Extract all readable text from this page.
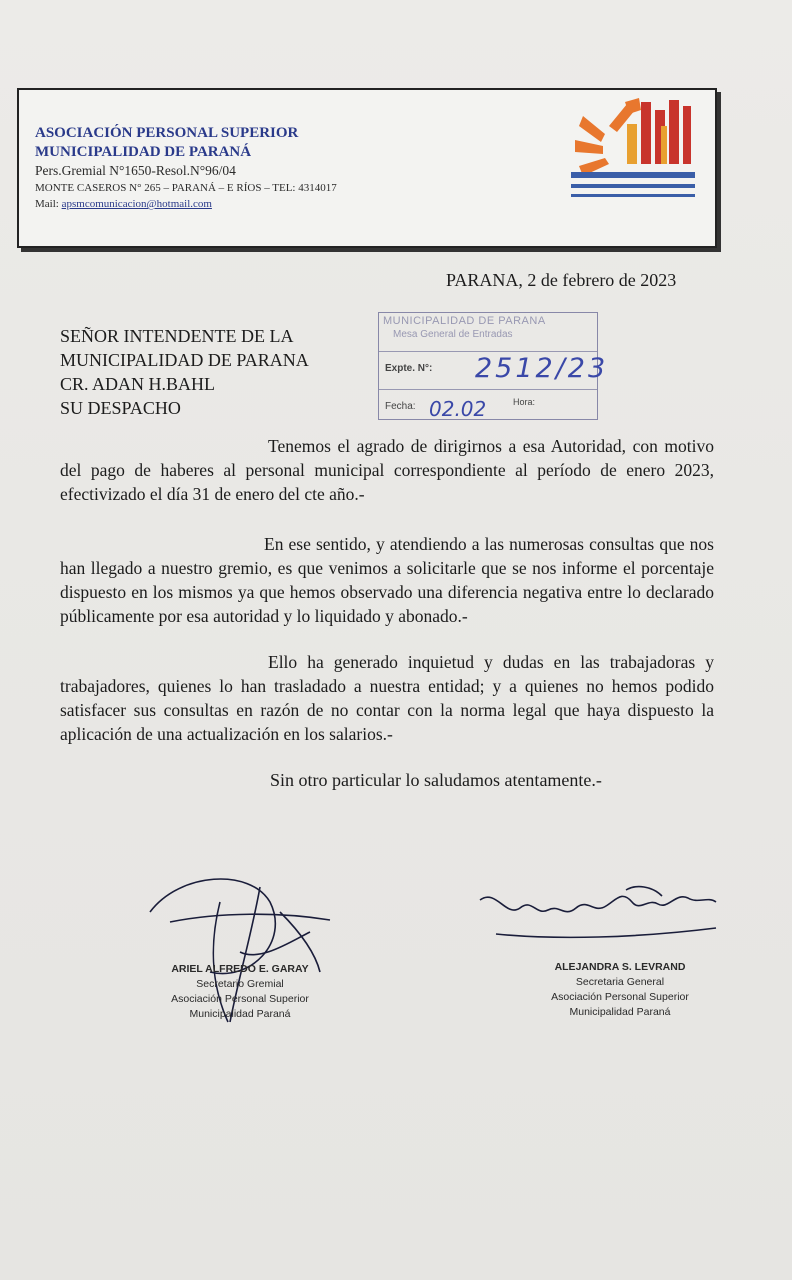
ASOCIACIÓN PERSONAL SUPERIOR

MUNICIPALIDAD DE PARANÁ

Pers.Gremial N°1650-Resol.N°96/04

MONTE CASEROS N° 265 – PARANÁ – E RÍOS – TEL: 4314017

Mail: apsmcomunicacion@hotmail.com

PARANA, 2 de febrero de 2023
SEÑOR INTENDENTE DE LA
MUNICIPALIDAD DE PARANA
CR. ADAN H.BAHL
SU DESPACHO
MUNICIPALIDAD DE PARANA
Mesa General de Entradas
Expte. N°: 2512/23
Fecha: 02.02	Hora:
Tenemos el agrado de dirigirnos a esa Autoridad, con motivo del pago de haberes al personal municipal correspondiente al período de enero 2023, efectivizado el día 31 de enero del cte año.-
En ese sentido, y atendiendo a las numerosas consultas que nos han llegado a nuestro gremio, es que venimos a solicitarle que se nos informe el porcentaje dispuesto en los mismos ya que hemos observado una diferencia negativa entre lo declarado públicamente por esa autoridad y lo liquidado y abonado.-
Ello ha generado inquietud y dudas en las trabajadoras y trabajadores, quienes lo han trasladado a nuestra entidad; y a quienes no hemos podido satisfacer sus consultas en razón de no contar con la norma legal que haya dispuesto la aplicación de una actualización en los salarios.-
Sin otro particular lo saludamos atentamente.-
ARIEL ALFREDO E. GARAY
Secretario Gremial
Asociación Personal Superior
Municipalidad Paraná
ALEJANDRA S. LEVRAND
Secretaria General
Asociación Personal Superior
Municipalidad Paraná
